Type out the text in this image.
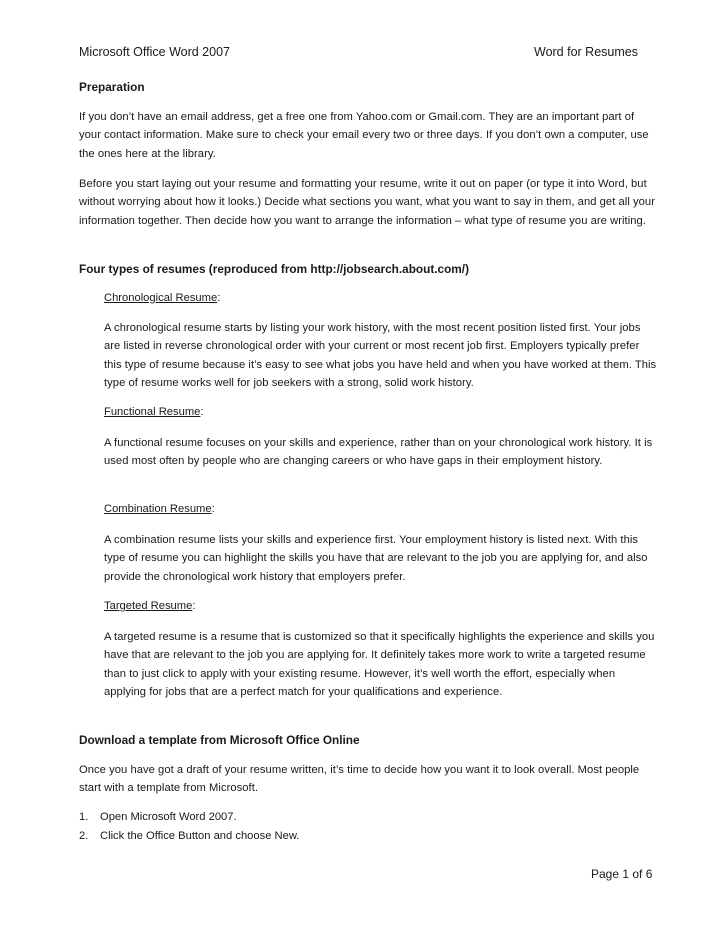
Microsoft Office Word 2007	Word for Resumes
Preparation
If you don’t have an email address, get a free one from Yahoo.com or Gmail.com. They are an important part of your contact information. Make sure to check your email every two or three days. If you don’t own a computer, use the ones here at the library.
Before you start laying out your resume and formatting your resume, write it out on paper (or type it into Word, but without worrying about how it looks.) Decide what sections you want, what you want to say in them, and get all your information together. Then decide how you want to arrange the information – what type of resume you are writing.
Four types of resumes (reproduced from http://jobsearch.about.com/)
Chronological Resume:
A chronological resume starts by listing your work history, with the most recent position listed first. Your jobs are listed in reverse chronological order with your current or most recent job first. Employers typically prefer this type of resume because it’s easy to see what jobs you have held and when you have worked at them. This type of resume works well for job seekers with a strong, solid work history.
Functional Resume:
A functional resume focuses on your skills and experience, rather than on your chronological work history. It is used most often by people who are changing careers or who have gaps in their employment history.
Combination Resume:
A combination resume lists your skills and experience first. Your employment history is listed next. With this type of resume you can highlight the skills you have that are relevant to the job you are applying for, and also provide the chronological work history that employers prefer.
Targeted Resume:
A targeted resume is a resume that is customized so that it specifically highlights the experience and skills you have that are relevant to the job you are applying for. It definitely takes more work to write a targeted resume than to just click to apply with your existing resume. However, it’s well worth the effort, especially when applying for jobs that are a perfect match for your qualifications and experience.
Download a template from Microsoft Office Online
Once you have got a draft of your resume written, it’s time to decide how you want it to look overall. Most people start with a template from Microsoft.
1. Open Microsoft Word 2007.
2. Click the Office Button and choose New.
Page 1 of 6
